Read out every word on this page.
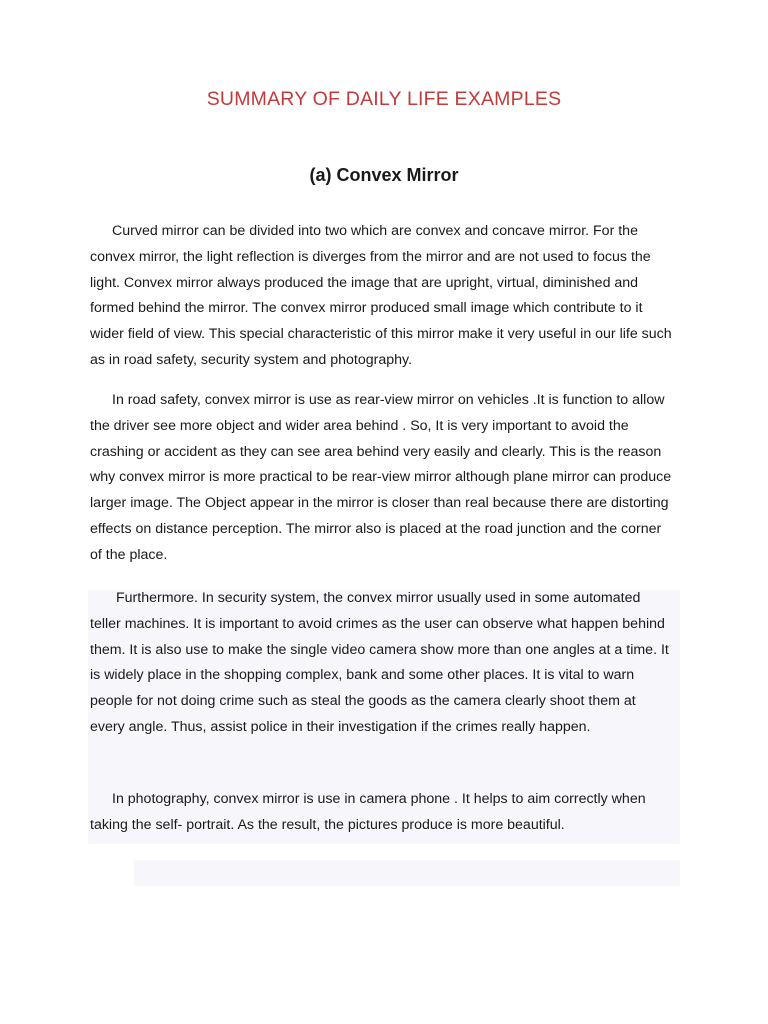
SUMMARY OF DAILY LIFE EXAMPLES
(a) Convex Mirror

Curved mirror can be divided into two which are convex and concave mirror. For the convex mirror, the light reflection is diverges from the mirror and are not used to focus the light. Convex mirror always produced the image that are upright, virtual, diminished and formed behind the mirror. The convex mirror produced small image which contribute to it wider field of view. This special characteristic of this mirror make it very useful in our life such as in road safety, security system and photography.

In road safety, convex mirror is use as rear-view mirror on vehicles .It is function to allow the driver see more object and wider area behind . So, It is very important to avoid the crashing or accident as they can see area behind very easily and clearly. This is the reason why convex mirror is more practical to be rear-view mirror although plane mirror can produce larger image. The Object appear in the mirror is closer than real because there are distorting effects on distance perception. The mirror also is placed at the road junction and the corner of the place.

Furthermore. In security system, the convex mirror usually used in some automated teller machines. It is important to avoid crimes as the user can observe what happen behind them. It is also use to make the single video camera show more than one angles at a time. It is widely place in the shopping complex, bank and some other places. It is vital to warn people for not doing crime such as steal the goods as the camera clearly shoot them at every angle. Thus, assist police in their investigation if the crimes really happen.

In photography, convex mirror is use in camera phone . It helps to aim correctly when taking the self- portrait. As the result, the pictures produce is more beautiful.
